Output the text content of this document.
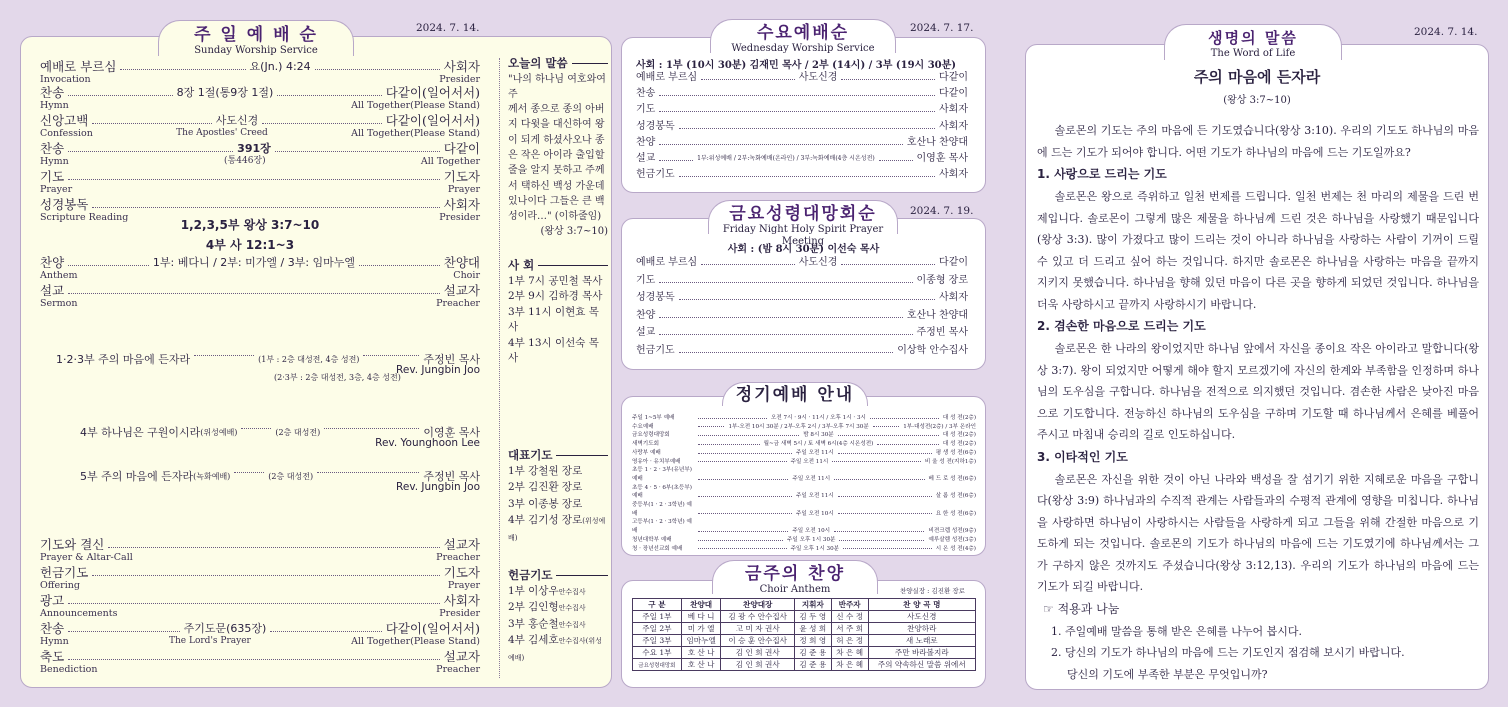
주 일 예 배 순
Sunday Worship Service
2024. 7. 14.
예배로 부르심	요(Jn.) 4:24	사회자
Invocation	Presider
찬송	8장 1절(통9장 1절)	다같이(일어서서)
Hymn	All Together(Please Stand)
신앙고백	사도신경	다같이(일어서서)
Confession	The Apostles' Creed	All Together(Please Stand)
찬송	391장	다같이
Hymn	(통446장)	All Together
기도	기도자
Prayer	Prayer
성경봉독	사회자
Scripture Reading	Presider
찬양	1부: 베다니 / 2부: 미가엘 / 3부: 임마누엘	찬양대
Anthem	Choir
설교	설교자
Sermon	Preacher
기도와 결신	설교자
Prayer & Altar-Call	Preacher
헌금기도	기도자
Offering	Prayer
광고	사회자
Announcements	Presider
찬송	주기도문(635장)	다같이(일어서서)
Hymn	The Lord's Prayer	All Together(Please Stand)
축도	설교자
Benediction	Preacher
1,2,3,5부 왕상 3:7~10
4부 사 12:1~3
1·2·3부
주의 마음에 든자라	(1부 : 2층 대성전, 4층 성전)	주정빈 목사
Rev. Jungbin Joo
(2·3부 : 2층 대성전, 3층, 4층 성전)
4부
하나님은 구원이시라 (위성예배)	(2층 대성전)	이영훈 목사
Rev. Younghoon Lee
5부
주의 마음에 든자라 (녹화예배)	(2층 대성전)	주정빈 목사
Rev. Jungbin Joo
오늘의 말씀
"나의 하나님 여호와여 주
께서 종으로 종의 아버
지 다윗을 대신하여 왕
이 되게 하셨사오나 종
은 작은 아이라 출입할
줄을 알지 못하고 주께
서 택하신 백성 가운데
있나이다 그들은 큰 백
성이라…" (이하줄임)
(왕상 3:7~10)
사 회
1부 7시 공민철 목사
2부 9시 김하경 목사
3부 11시 이현효 목사
4부 13시 이선숙 목사
대표기도
1부 강철원 장로
2부 김진환 장로
3부 이종봉 장로
4부 김기성 장로(위성예배)
헌금기도
1부 이상우안수집사
2부 김인형안수집사
3부 홍순철안수집사
4부 김세호안수집사(위성예배)
수요예배순
Wednesday Worship Service
2024. 7. 17.
사회 : 1부 (10시 30분) 김재민 목사 / 2부 (14시) / 3부 (19시 30분)
예배로 부르심	사도신경	다같이
찬송	다같이
기도	사회자
성경봉독	사회자
찬양	호산나 찬양대
설교	1부:위성예배 / 2부:녹화예배(온라인) / 3부:녹화예배(4층 시온성전)	이영훈 목사
헌금기도	사회자
금요성령대망회순
Friday Night Holy Spirit Prayer Meeting
2024. 7. 19.
사회 : (밤 8시 30분) 이선숙 목사
예배로 부르심	사도신경	다같이
기도	이종형 장로
성경봉독	사회자
찬양	호산나 찬양대
설교	주정빈 목사
헌금기도	이상학 안수집사
정기예배 안내
주일 1~5부 예배	오전 7시 · 9시 · 11시 / 오후 1시 · 3시	대 성 전(2층)
수요예배	1부-오전 10시 30분 / 2부-오후 2시 / 3부-오후 7시 30분	1부-대성전(2층) / 3부 온라인
금요성령대망회	밤 8시 30분	대 성 전(2층)
새벽기도회	월~금 새벽 5시 / 토 새벽 6시(4층 시온성전)	대 성 전(2층)
사랑부 예배	주일 오전 11시	평 생 성 전(6층)
영유아 · 유치부예배	주일 오전 11시	비 울 성 전(지하1층)
초등 1 · 2 · 3부(유년부) 예배	주일 오전 11시	베 드 로 성 전(6층)
초등 4 · 5 · 6부(초등부) 예배	주일 오전 11시	살 롬 성 전(6층)
중등부(1 · 2 · 3학년) 예배	주일 오전 10시	요 한 성 전(6층)
고등부(1 · 2 · 3학년) 예배	주일 오전 10시	비젼크렙 성전(9층)
청년대학부 예배	주일 오후 1시 30분	예루살렘 성전(3층)
청 · 장년선교회 예배	주일 오후 1시 30분	시 온 성 전(4층)
금주의 찬양
Choir Anthem	찬양실장 : 김진환 장로
구 분	찬양대	찬양대장	지휘자	반주자	찬 양 곡 명
주일 1부	베 다 니	김 광 수 안수집사	김 두 영	신 수 정	사도신경
주일 2부	미 가 엘	고 미 자 권사	윤 성 희	서 주 희	찬양하라
주일 3부	임마누엘	이 승 훈 안수집사	정 희 영	허 은 정	새 노래로
수요 1부	호 산 나	김 인 희 권사	김 준 용	차 은 혜	주만 바라볼지라
금요성령대망회	호 산 나	김 인 희 권사	김 준 용	차 은 혜	주의 약속하신 말씀 위에서
생명의 말씀
The Word of Life
2024. 7. 14.
주의 마음에 든자라
(왕상 3:7~10)

솔로몬의 기도는 주의 마음에 든 기도였습니다(왕상 3:10). 우리의 기도도 하나님의 마음에 드는 기도가 되어야 합니다. 어떤 기도가 하나님의 마음에 드는 기도일까요?

1. 사랑으로 드리는 기도

솔로몬은 왕으로 즉위하고 일천 번제를 드립니다. 일천 번제는 천 마리의 제물을 드린 번제입니다. 솔로몬이 그렇게 많은 제물을 하나님께 드린 것은 하나님을 사랑했기 때문입니다(왕상 3:3). 많이 가졌다고 많이 드리는 것이 아니라 하나님을 사랑하는 사람이 기꺼이 드릴 수 있고 더 드리고 싶어 하는 것입니다. 하지만 솔로몬은 하나님을 사랑하는 마음을 끝까지 지키지 못했습니다. 하나님을 향해 있던 마음이 다른 곳을 향하게 되었던 것입니다. 하나님을 더욱 사랑하시고 끝까지 사랑하시기 바랍니다.

2. 겸손한 마음으로 드리는 기도

솔로몬은 한 나라의 왕이었지만 하나님 앞에서 자신을 종이요 작은 아이라고 말합니다(왕상 3:7). 왕이 되었지만 어떻게 해야 할지 모르겠기에 자신의 한계와 부족함을 인정하며 하나님의 도우심을 구합니다. 하나님을 전적으로 의지했던 것입니다. 겸손한 사람은 낮아진 마음으로 기도합니다. 전능하신 하나님의 도우심을 구하며 기도할 때 하나님께서 은혜를 베풀어주시고 마침내 승리의 길로 인도하십니다.

3. 이타적인 기도

솔로몬은 자신을 위한 것이 아닌 나라와 백성을 잘 섬기기 위한 지혜로운 마음을 구합니다(왕상 3:9) 하나님과의 수직적 관계는 사람들과의 수평적 관계에 영향을 미칩니다. 하나님을 사랑하면 하나님이 사랑하시는 사람들을 사랑하게 되고 그들을 위해 간절한 마음으로 기도하게 되는 것입니다. 솔로몬의 기도가 하나님의 마음에 드는 기도였기에 하나님께서는 그가 구하지 않은 것까지도 주셨습니다(왕상 3:12,13). 우리의 기도가 하나님의 마음에 드는 기도가 되길 바랍니다.

☞ 적용과 나눔
1. 주일예배 말씀을 통해 받은 은혜를 나누어 봅시다.
2. 당신의 기도가 하나님의 마음에 드는 기도인지 점검해 보시기 바랍니다.
당신의 기도에 부족한 부분은 무엇입니까?
